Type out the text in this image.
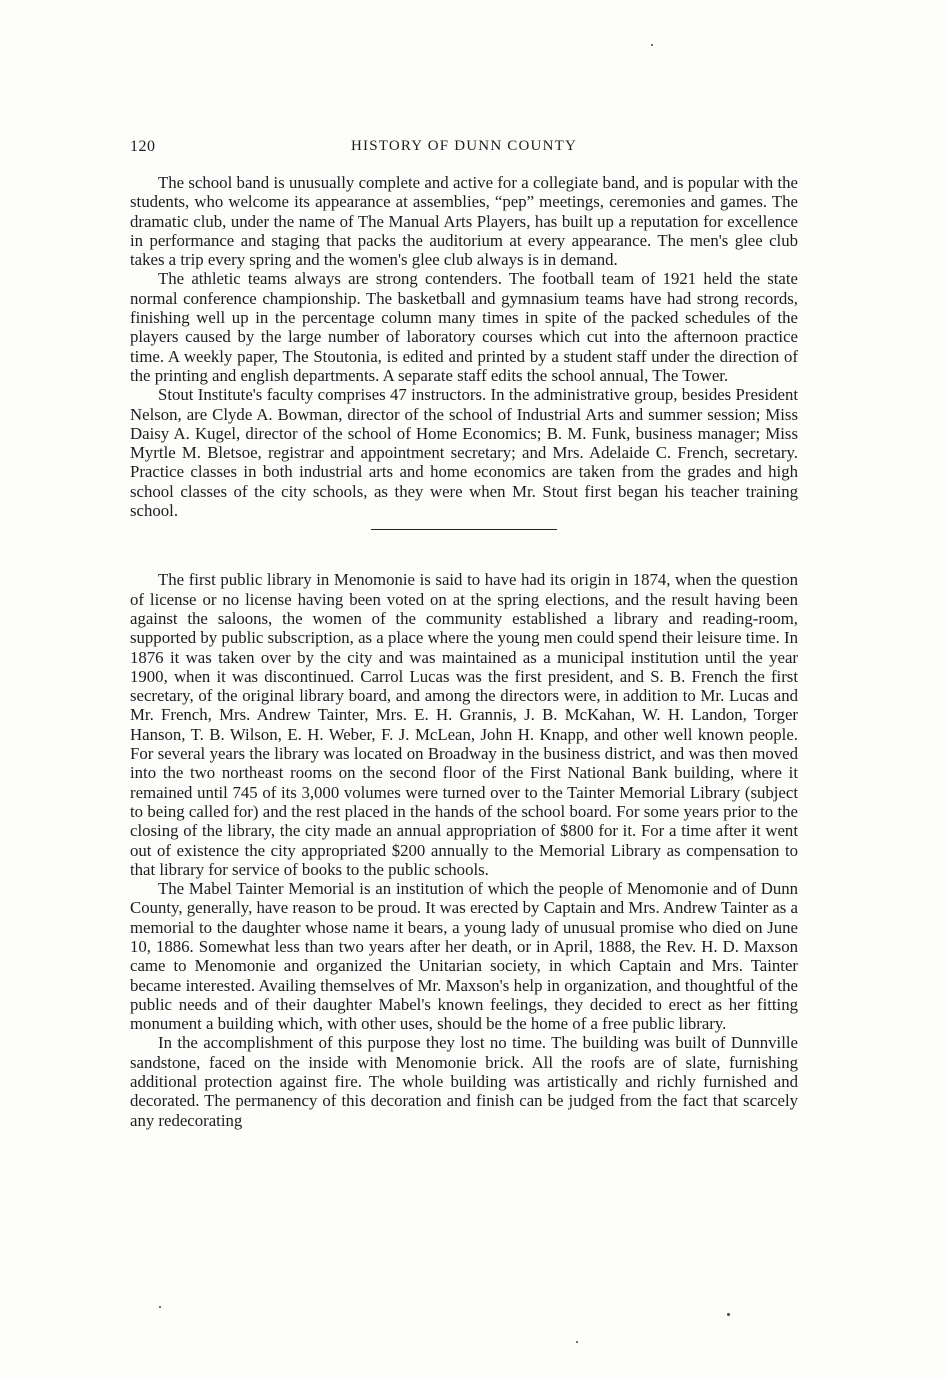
120	HISTORY OF DUNN COUNTY

The school band is unusually complete and active for a collegiate band, and is popular with the students, who welcome its appearance at assemblies, “pep” meetings, ceremonies and games. The dramatic club, under the name of The Manual Arts Players, has built up a reputation for excellence in performance and staging that packs the auditorium at every appearance. The men's glee club takes a trip every spring and the women's glee club always is in demand.

The athletic teams always are strong contenders. The football team of 1921 held the state normal conference championship. The basketball and gymnasium teams have had strong records, finishing well up in the percentage column many times in spite of the packed schedules of the players caused by the large number of laboratory courses which cut into the afternoon practice time. A weekly paper, The Stoutonia, is edited and printed by a student staff under the direction of the printing and english departments. A separate staff edits the school annual, The Tower.

Stout Institute's faculty comprises 47 instructors. In the administrative group, besides President Nelson, are Clyde A. Bowman, director of the school of Industrial Arts and summer session; Miss Daisy A. Kugel, director of the school of Home Economics; B. M. Funk, business manager; Miss Myrtle M. Bletsoe, registrar and appointment secretary; and Mrs. Adelaide C. French, secretary. Practice classes in both industrial arts and home economics are taken from the grades and high school classes of the city schools, as they were when Mr. Stout first began his teacher training school.

The first public library in Menomonie is said to have had its origin in 1874, when the question of license or no license having been voted on at the spring elections, and the result having been against the saloons, the women of the community established a library and reading-room, supported by public subscription, as a place where the young men could spend their leisure time. In 1876 it was taken over by the city and was maintained as a municipal institution until the year 1900, when it was discontinued. Carrol Lucas was the first president, and S. B. French the first secretary, of the original library board, and among the directors were, in addition to Mr. Lucas and Mr. French, Mrs. Andrew Tainter, Mrs. E. H. Grannis, J. B. McKahan, W. H. Landon, Torger Hanson, T. B. Wilson, E. H. Weber, F. J. McLean, John H. Knapp, and other well known people. For several years the library was located on Broadway in the business district, and was then moved into the two northeast rooms on the second floor of the First National Bank building, where it remained until 745 of its 3,000 volumes were turned over to the Tainter Memorial Library (subject to being called for) and the rest placed in the hands of the school board. For some years prior to the closing of the library, the city made an annual appropriation of $800 for it. For a time after it went out of existence the city appropriated $200 annually to the Memorial Library as compensation to that library for service of books to the public schools.

The Mabel Tainter Memorial is an institution of which the people of Menomonie and of Dunn County, generally, have reason to be proud. It was erected by Captain and Mrs. Andrew Tainter as a memorial to the daughter whose name it bears, a young lady of unusual promise who died on June 10, 1886. Somewhat less than two years after her death, or in April, 1888, the Rev. H. D. Maxson came to Menomonie and organized the Unitarian society, in which Captain and Mrs. Tainter became interested. Availing themselves of Mr. Maxson's help in organization, and thoughtful of the public needs and of their daughter Mabel's known feelings, they decided to erect as her fitting monument a building which, with other uses, should be the home of a free public library.

In the accomplishment of this purpose they lost no time. The building was built of Dunnville sandstone, faced on the inside with Menomonie brick. All the roofs are of slate, furnishing additional protection against fire. The whole building was artistically and richly furnished and decorated. The permanency of this decoration and finish can be judged from the fact that scarcely any redecorating
